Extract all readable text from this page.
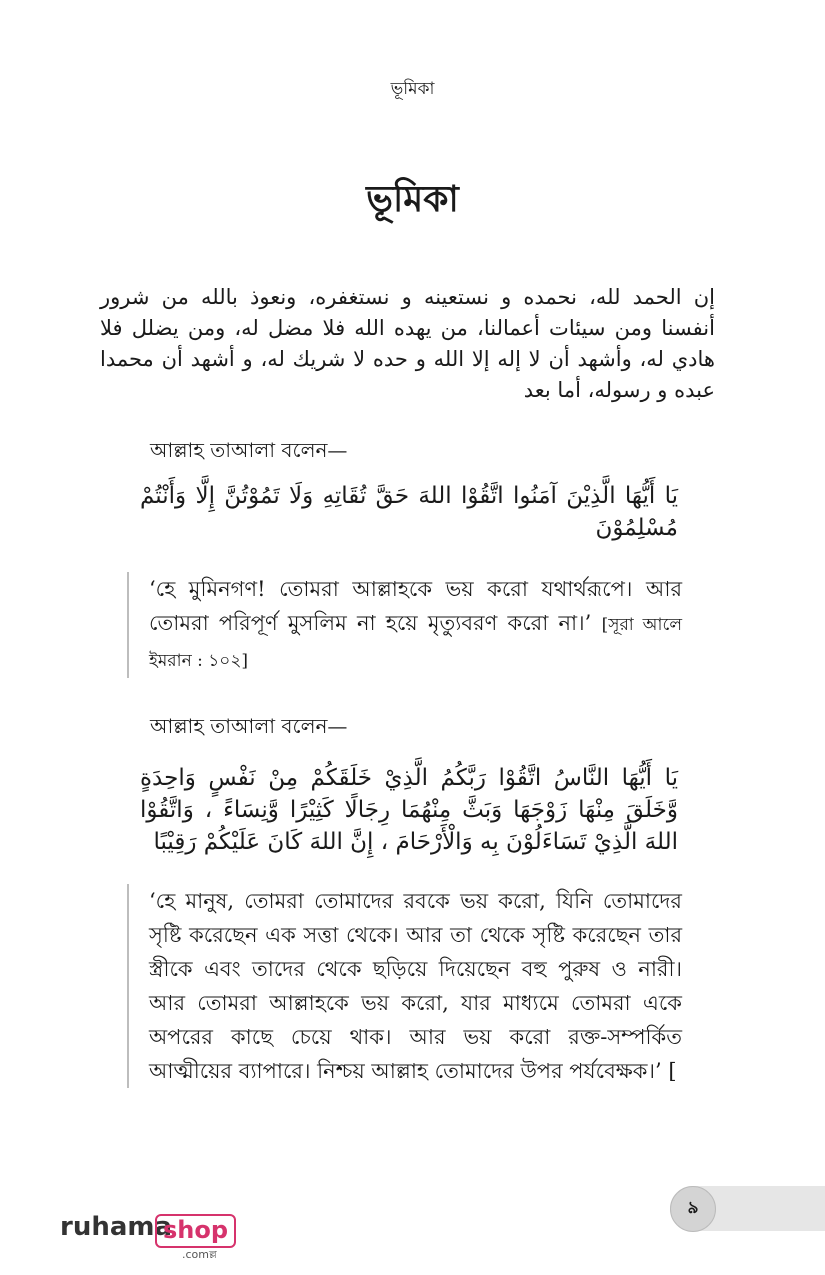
ভূমিকা
ভূমিকা
إن الحمد لله، نحمده و نستعينه و نستغفره، ونعوذ بالله من شرور أنفسنا ومن سيئات أعمالنا، من يهده الله فلا مضل له، ومن يضلل فلا هادي له، وأشهد أن لا إله إلا الله و حده لا شريك له، و أشهد أن محمدا عبده و رسوله، أما بعد
আল্লাহ তাআলা বলেন—
يَا أَيُّهَا الَّذِيْنَ آمَنُوا اتَّقُوْا اللهَ حَقَّ تُقَاتِهِ وَلَا تَمُوْتُنَّ إِلَّا وَأَنْتُمْ مُسْلِمُوْنَ
‘হে মুমিনগণ! তোমরা আল্লাহকে ভয় করো যথার্থরূপে। আর তোমরা পরিপূর্ণ মুসলিম না হয়ে মৃত্যুবরণ করো না।’ [সূরা আলে ইমরান : ১০২]
আল্লাহ তাআলা বলেন—
يَا أَيُّهَا النَّاسُ اتَّقُوْا رَبَّكُمُ الَّذِيْ خَلَقَكُمْ مِنْ نَفْسٍ وَاحِدَةٍ وَّخَلَقَ مِنْهَا زَوْجَهَا وَبَثَّ مِنْهُمَا رِجَالًا كَثِيْرًا وَّنِسَاءً ، وَاتَّقُوْا اللهَ الَّذِيْ تَسَاءَلُوْنَ بِه وَالْأَرْحَامَ ، إِنَّ اللهَ كَانَ عَلَيْكُمْ رَقِيْبًا
‘হে মানুষ, তোমরা তোমাদের রবকে ভয় করো, যিনি তোমাদের সৃষ্টি করেছেন এক সত্তা থেকে। আর তা থেকে সৃষ্টি করেছেন তার স্ত্রীকে এবং তাদের থেকে ছড়িয়ে দিয়েছেন বহু পুরুষ ও নারী। আর তোমরা আল্লাহকে ভয় করো, যার মাধ্যমে তোমরা একে অপরের কাছে চেয়ে থাক। আর ভয় করো রক্ত-সম্পর্কিত আত্মীয়ের ব্যাপারে। নিশ্চয় আল্লাহ তোমাদের উপর পর্যবেক্ষক।’ [
৯
ruhama
shop
.comল্ল
